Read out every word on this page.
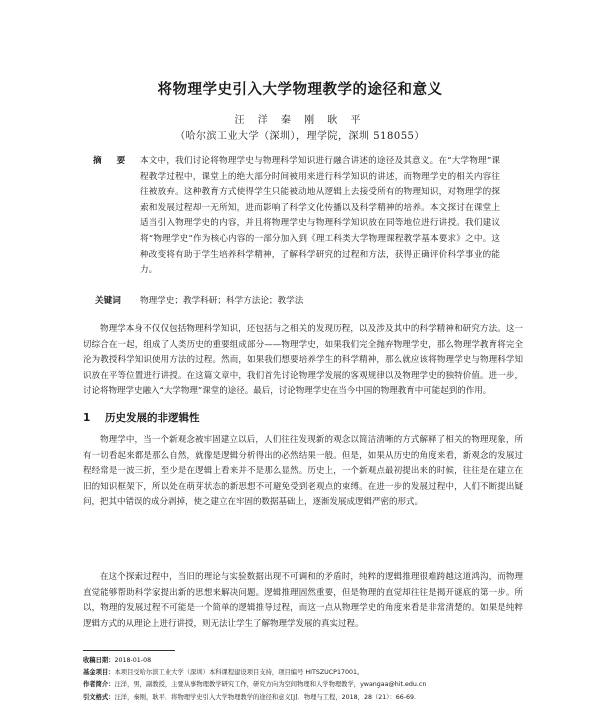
将物理学史引入大学物理教学的途径和意义
汪 洋 秦 刚 耿 平
（哈尔滨工业大学（深圳），理学院，深圳 518055）
摘 要 本文中，我们讨论将物理学史与物理科学知识进行融合讲述的途径及其意义。在“大学物理”课程教学过程中，课堂上的绝大部分时间被用来进行科学知识的讲述，而物理学史的相关内容往往被放弃。这种教育方式使得学生只能被动地从逻辑上去接受所有的物理知识，对物理学的探索和发展过程却一无所知，进而影响了科学文化传播以及科学精神的培养。本文探讨在课堂上适当引入物理学史的内容，并且将物理学史与物理科学知识放在同等地位进行讲授。我们建议将“物理学史”作为核心内容的一部分加入到《理工科类大学物理课程教学基本要求》之中。这种改变将有助于学生培养科学精神，了解科学研究的过程和方法，获得正确评价科学事业的能力。
关键词 物理学史；教学科研；科学方法论；教学法
物理学本身不仅仅包括物理科学知识，还包括与之相关的发现历程，以及涉及其中的科学精神和研究方法。这一切综合在一起，组成了人类历史的重要组成部分——物理学史，如果我们完全抛弃物理学史，那么物理学教育将完全沦为教授科学知识使用方法的过程。然而，如果我们想要培养学生的科学精神，那么就应该将物理学史与物理科学知识放在平等位置进行讲授。在这篇文章中，我们首先讨论物理学发展的客观规律以及物理学史的独特价值。进一步，讨论将物理学史融入“大学物理”课堂的途径。最后，讨论物理学史在当今中国的物理教育中可能起到的作用。
1 历史发展的非逻辑性
物理学中，当一个新观念被牢固建立以后，人们往往发现新的观念以简洁清晰的方式解释了相关的物理现象，所有一切看起来都是那么自然，就像是逻辑分析得出的必然结果一般。但是，如果从历史的角度来看，新观念的发展过程经常是一波三折，至少是在逻辑上看来并不是那么显然。历史上，一个新观点最初提出来的时候，往往是在建立在旧的知识框架下，所以处在萌芽状态的新思想不可避免受到老观点的束缚。在进一步的发展过程中，人们不断提出疑问，把其中错误的成分剥掉，使之建立在牢固的数据基础上，逐渐发展成逻辑严密的形式。
在这个探索过程中，当旧的理论与实验数据出现不可调和的矛盾时，纯粹的逻辑推理很难跨越这道鸿沟，而物理直觉能够帮助科学家提出新的思想来解决问题。逻辑推理固然重要，但是物理的直觉却往往是揭开谜底的第一步。所以，物理的发展过程不可能是一个简单的逻辑推导过程，而这一点从物理学史的角度来看是非常清楚的。如果是纯粹逻辑方式的从理论上进行讲授，则无法让学生了解物理学发展的真实过程。
收稿日期：2018-01-08
基金项目：本项目受哈尔滨工业大学（深圳）本科课程建设项目支持，项目编号 HITSZUCP17001。
作者简介：汪洋，男，副教授，主要从事物理教学研究工作，研究方向为空间物理和人学物理教学，ywangaa@hit.edu.cn
引文格式：汪洋，秦刚，耿平．将物理学史引入大学物理教学的途径和意义[J]．物理与工程，2018，28（21）：66-69.
